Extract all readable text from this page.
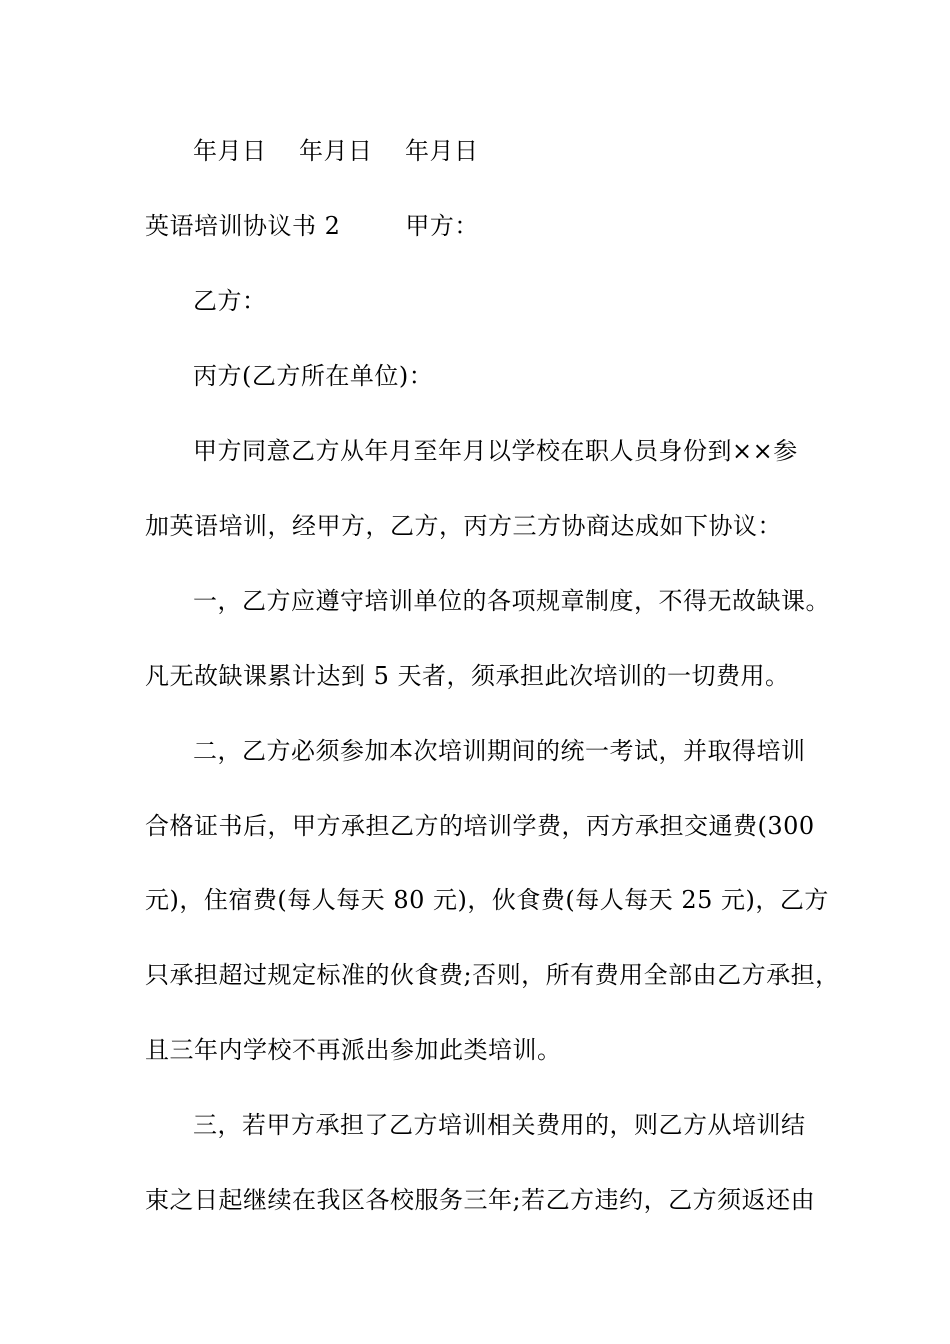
年月日    年月日    年月日
英语培训协议书 2        甲方：
乙方：
丙方(乙方所在单位)：
甲方同意乙方从年月至年月以学校在职人员身份到××参
加英语培训，经甲方，乙方，丙方三方协商达成如下协议：
一，乙方应遵守培训单位的各项规章制度，不得无故缺课。
凡无故缺课累计达到 5 天者，须承担此次培训的一切费用。
二，乙方必须参加本次培训期间的统一考试，并取得培训
合格证书后，甲方承担乙方的培训学费，丙方承担交通费(300
元)，住宿费(每人每天 80 元)，伙食费(每人每天 25 元)，乙方
只承担超过规定标准的伙食费;否则，所有费用全部由乙方承担，
且三年内学校不再派出参加此类培训。
三，若甲方承担了乙方培训相关费用的，则乙方从培训结
束之日起继续在我区各校服务三年;若乙方违约，乙方须返还由
